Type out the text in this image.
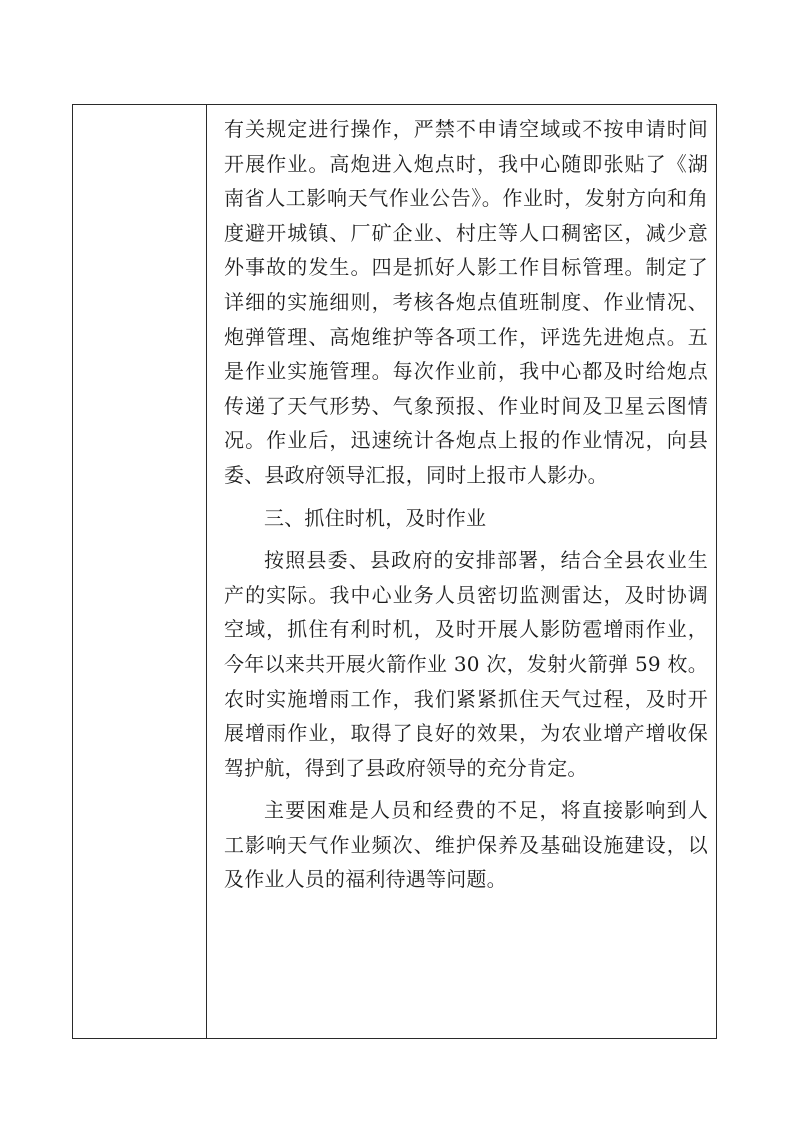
有关规定进行操作，严禁不申请空域或不按申请时间开展作业。高炮进入炮点时，我中心随即张贴了《湖南省人工影响天气作业公告》。作业时，发射方向和角度避开城镇、厂矿企业、村庄等人口稠密区，减少意外事故的发生。四是抓好人影工作目标管理。制定了详细的实施细则，考核各炮点值班制度、作业情况、炮弹管理、高炮维护等各项工作，评选先进炮点。五是作业实施管理。每次作业前，我中心都及时给炮点传递了天气形势、气象预报、作业时间及卫星云图情况。作业后，迅速统计各炮点上报的作业情况，向县委、县政府领导汇报，同时上报市人影办。

三、抓住时机，及时作业

按照县委、县政府的安排部署，结合全县农业生产的实际。我中心业务人员密切监测雷达，及时协调空域，抓住有利时机，及时开展人影防雹增雨作业，今年以来共开展火箭作业 30 次，发射火箭弹 59 枚。农时实施增雨工作，我们紧紧抓住天气过程，及时开展增雨作业，取得了良好的效果，为农业增产增收保驾护航，得到了县政府领导的充分肯定。

主要困难是人员和经费的不足，将直接影响到人工影响天气作业频次、维护保养及基础设施建设，以及作业人员的福利待遇等问题。
